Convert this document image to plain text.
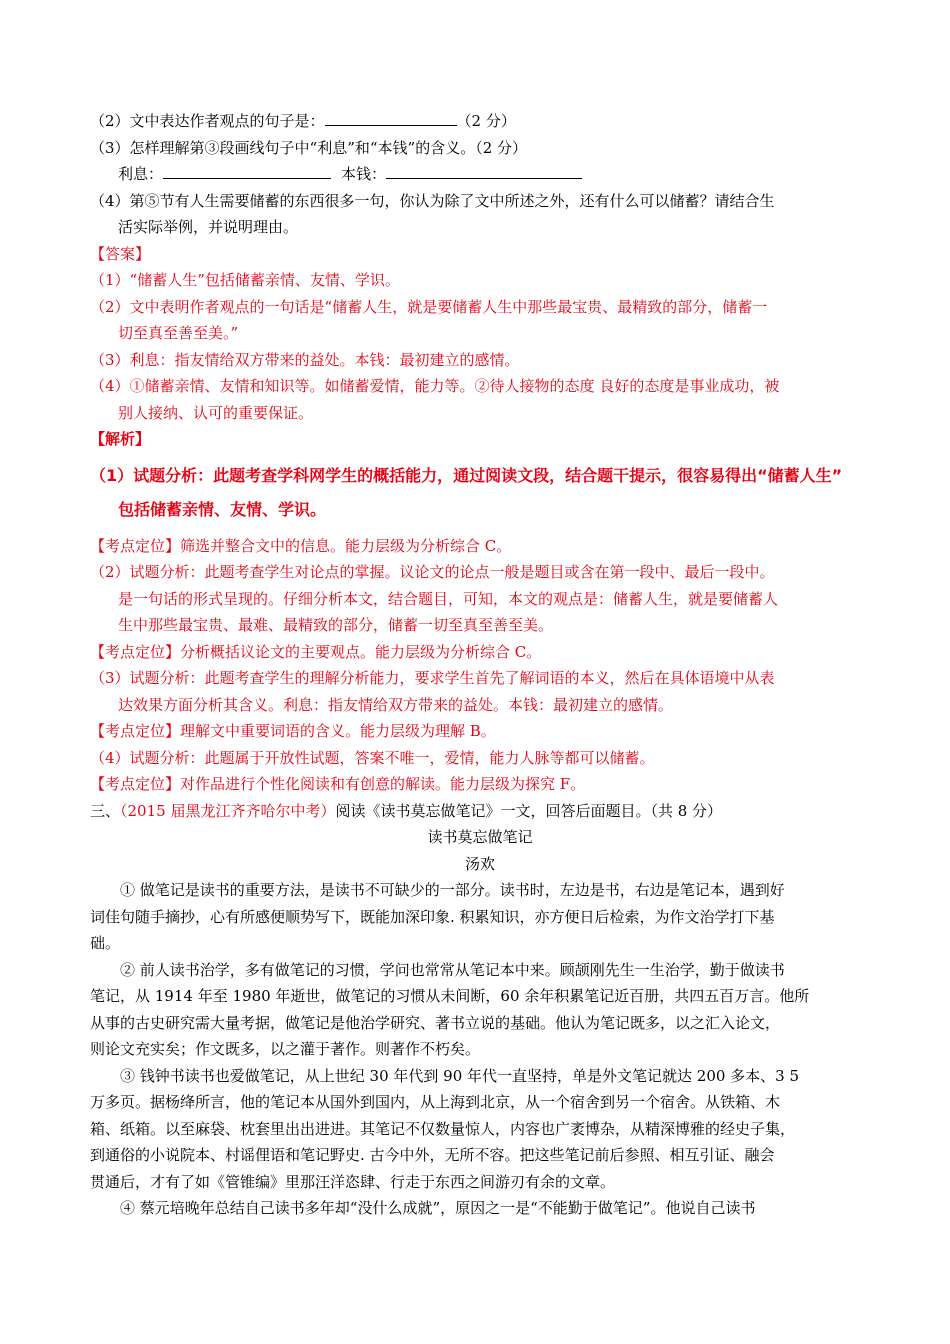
（2）文中表达作者观点的句子是：	（2 分）
（3）怎样理解第③段画线句子中“利息”和“本钱”的含义。（2 分）
利息：	本钱：
（4）第⑤节有人生需要储蓄的东西很多一句，你认为除了文中所述之外，还有什么可以储蓄？请结合生
活实际举例，并说明理由。
【答案】
（1）“储蓄人生”包括储蓄亲情、友情、学识。
（2）文中表明作者观点的一句话是“储蓄人生，就是要储蓄人生中那些最宝贵、最精致的部分，储蓄一
切至真至善至美。”
（3）利息：指友情给双方带来的益处。本钱：最初建立的感情。
（4）①储蓄亲情、友情和知识等。如储蓄爱情，能力等。②待人接物的态度 良好的态度是事业成功，被
别人接纳、认可的重要保证。
【解析】
（1）试题分析：此题考查学科网学生的概括能力，通过阅读文段，结合题干提示，很容易得出“储蓄人生”
包括储蓄亲情、友情、学识。
【考点定位】筛选并整合文中的信息。能力层级为分析综合 C。
（2）试题分析：此题考查学生对论点的掌握。议论文的论点一般是题目或含在第一段中、最后一段中。
是一句话的形式呈现的。仔细分析本文，结合题目，可知，本文的观点是：储蓄人生，就是要储蓄人
生中那些最宝贵、最难、最精致的部分，储蓄一切至真至善至美。
【考点定位】分析概括议论文的主要观点。能力层级为分析综合 C。
（3）试题分析：此题考查学生的理解分析能力，要求学生首先了解词语的本义，然后在具体语境中从表
达效果方面分析其含义。利息：指友情给双方带来的益处。本钱：最初建立的感情。
【考点定位】理解文中重要词语的含义。能力层级为理解 B。
（4）试题分析：此题属于开放性试题，答案不唯一，爱情，能力人脉等都可以储蓄。
【考点定位】对作品进行个性化阅读和有创意的解读。能力层级为探究 F。
三、（2015 届黑龙江齐齐哈尔中考）阅读《读书莫忘做笔记》一文，回答后面题目。（共 8 分）
读书莫忘做笔记
汤欢
① 做笔记是读书的重要方法，是读书不可缺少的一部分。读书时，左边是书，右边是笔记本，遇到好
词佳句随手摘抄，心有所感便顺势写下，既能加深印象. 积累知识，亦方便日后检索，为作文治学打下基
础。
② 前人读书治学，多有做笔记的习惯，学问也常常从笔记本中来。顾颉刚先生一生治学，勤于做读书
笔记，从 1914 年至 1980 年逝世，做笔记的习惯从未间断，60 余年积累笔记近百册，共四五百万言。他所
从事的古史研究需大量考据，做笔记是他治学研究、著书立说的基础。他认为笔记既多，以之汇入论文，
则论文充实矣；作文既多，以之灌于著作。则著作不朽矣。
③ 钱钟书读书也爱做笔记，从上世纪 30 年代到 90 年代一直坚持，单是外文笔记就达 200 多本、3 5
万多页。据杨绛所言，他的笔记本从国外到国内，从上海到北京，从一个宿舍到另一个宿舍。从铁箱、木
箱、纸箱。以至麻袋、枕套里出出进进。其笔记不仅数量惊人，内容也广袤博杂，从精深博雅的经史子集，
到通俗的小说院本、村谣俚语和笔记野史. 古今中外，无所不容。把这些笔记前后参照、相互引证、融会
贯通后，才有了如《管锥编》里那汪洋恣肆、行走于东西之间游刃有余的文章。
④ 蔡元培晚年总结自己读书多年却“没什么成就”，原因之一是“不能勤于做笔记”。他说自己读书
